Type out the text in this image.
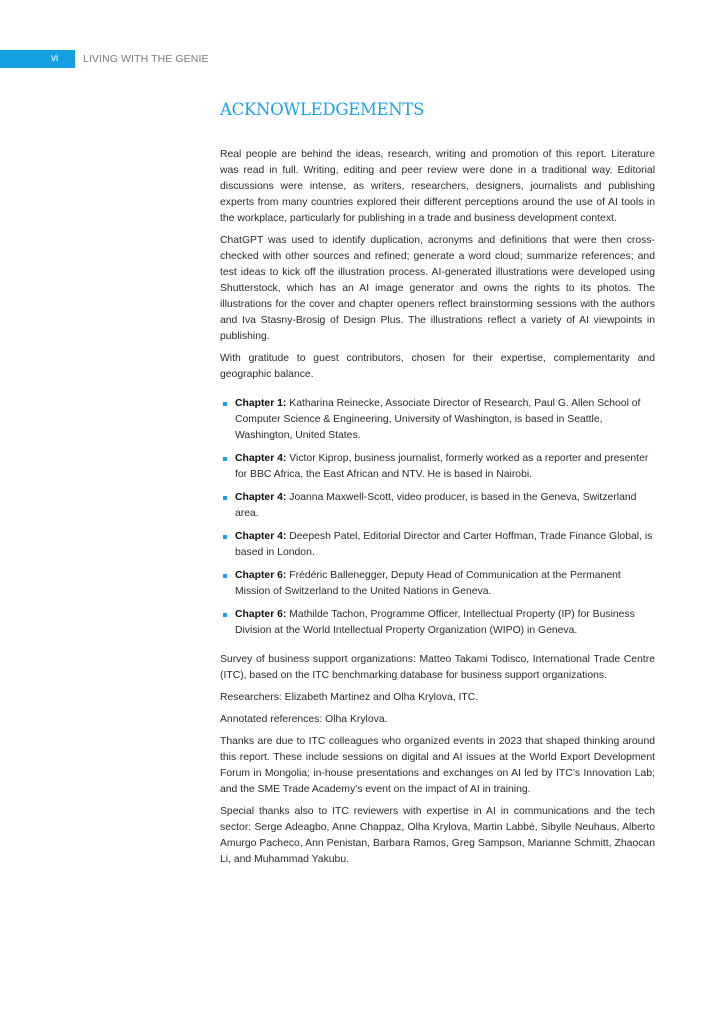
vi LIVING WITH THE GENIE
ACKNOWLEDGEMENTS

Real people are behind the ideas, research, writing and promotion of this report. Literature was read in full. Writing, editing and peer review were done in a traditional way. Editorial discussions were intense, as writers, researchers, designers, journalists and publishing experts from many countries explored their different perceptions around the use of AI tools in the workplace, particularly for publishing in a trade and business development context.

ChatGPT was used to identify duplication, acronyms and definitions that were then cross-checked with other sources and refined; generate a word cloud; summarize references; and test ideas to kick off the illustration process. AI-generated illustrations were developed using Shutterstock, which has an AI image generator and owns the rights to its photos. The illustrations for the cover and chapter openers reflect brainstorming sessions with the authors and Iva Stasny-Brosig of Design Plus. The illustrations reflect a variety of AI viewpoints in publishing.

With gratitude to guest contributors, chosen for their expertise, complementarity and geographic balance.

Chapter 1: Katharina Reinecke, Associate Director of Research, Paul G. Allen School of Computer Science & Engineering, University of Washington, is based in Seattle, Washington, United States.
Chapter 4: Victor Kiprop, business journalist, formerly worked as a reporter and presenter for BBC Africa, the East African and NTV. He is based in Nairobi.
Chapter 4: Joanna Maxwell-Scott, video producer, is based in the Geneva, Switzerland area.
Chapter 4: Deepesh Patel, Editorial Director and Carter Hoffman, Trade Finance Global, is based in London.
Chapter 6: Frédéric Ballenegger, Deputy Head of Communication at the Permanent Mission of Switzerland to the United Nations in Geneva.
Chapter 6: Mathilde Tachon, Programme Officer, Intellectual Property (IP) for Business Division at the World Intellectual Property Organization (WIPO) in Geneva.

Survey of business support organizations: Matteo Takami Todisco, International Trade Centre (ITC), based on the ITC benchmarking database for business support organizations.

Researchers: Elizabeth Martinez and Olha Krylova, ITC.

Annotated references: Olha Krylova.

Thanks are due to ITC colleagues who organized events in 2023 that shaped thinking around this report. These include sessions on digital and AI issues at the World Export Development Forum in Mongolia; in-house presentations and exchanges on AI led by ITC’s Innovation Lab; and the SME Trade Academy’s event on the impact of AI in training.

Special thanks also to ITC reviewers with expertise in AI in communications and the tech sector: Serge Adeagbo, Anne Chappaz, Olha Krylova, Martin Labbé, Sibylle Neuhaus, Alberto Amurgo Pacheco, Ann Penistan, Barbara Ramos, Greg Sampson, Marianne Schmitt, Zhaocan Li, and Muhammad Yakubu.
